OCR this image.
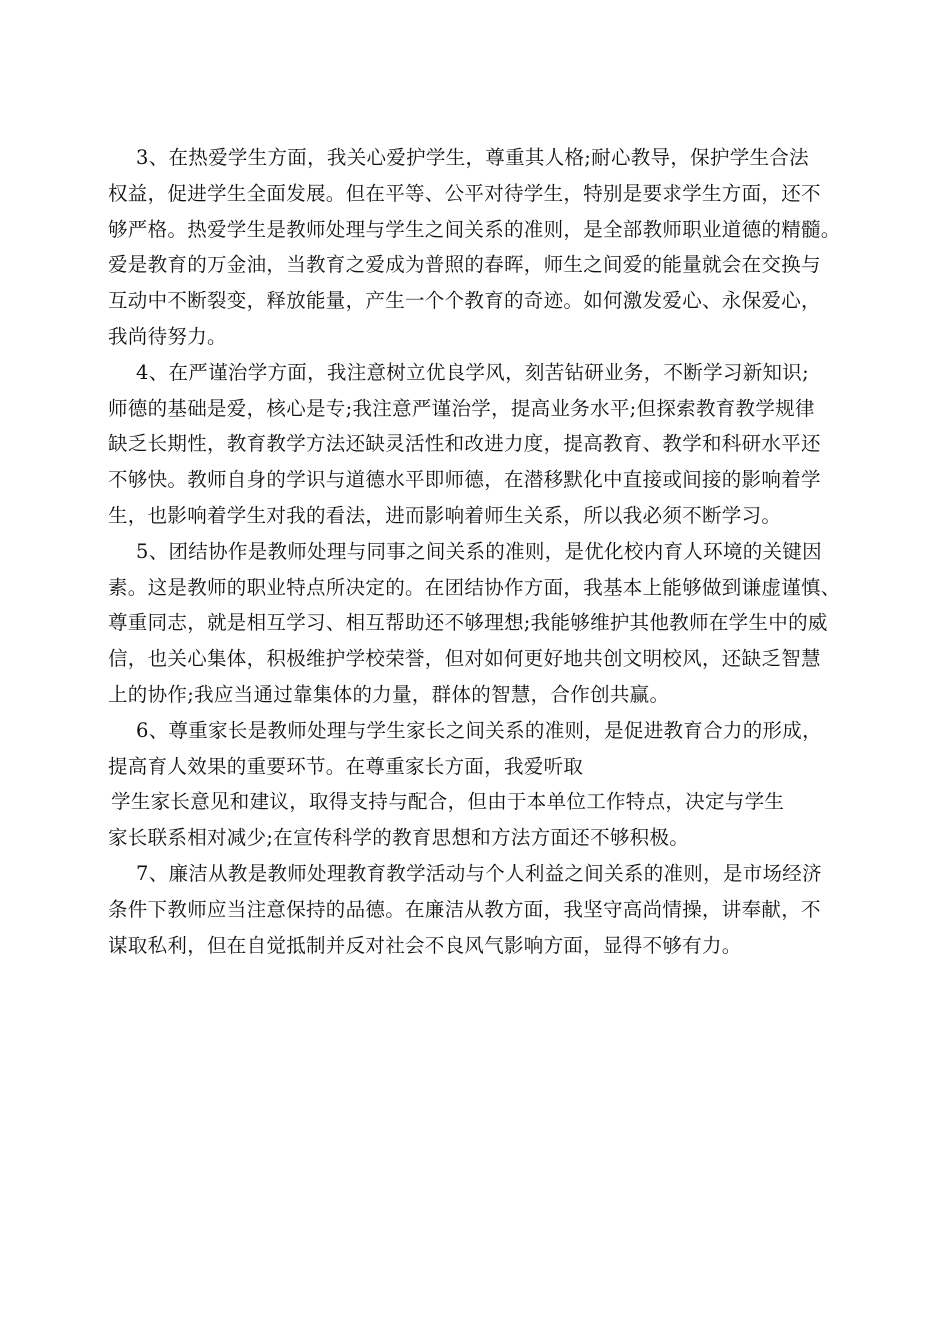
3、在热爱学生方面，我关心爱护学生，尊重其人格;耐心教导，保护学生合法
权益，促进学生全面发展。但在平等、公平对待学生，特别是要求学生方面，还不
够严格。热爱学生是教师处理与学生之间关系的准则，是全部教师职业道德的精髓。
爱是教育的万金油，当教育之爱成为普照的春晖，师生之间爱的能量就会在交换与
互动中不断裂变，释放能量，产生一个个教育的奇迹。如何激发爱心、永保爱心，
我尚待努力。
4、在严谨治学方面，我注意树立优良学风，刻苦钻研业务，不断学习新知识;
师德的基础是爱，核心是专;我注意严谨治学，提高业务水平;但探索教育教学规律
缺乏长期性，教育教学方法还缺灵活性和改进力度，提高教育、教学和科研水平还
不够快。教师自身的学识与道德水平即师德，在潜移默化中直接或间接的影响着学
生，也影响着学生对我的看法，进而影响着师生关系，所以我必须不断学习。
5、团结协作是教师处理与同事之间关系的准则，是优化校内育人环境的关键因
素。这是教师的职业特点所决定的。在团结协作方面，我基本上能够做到谦虚谨慎、
尊重同志，就是相互学习、相互帮助还不够理想;我能够维护其他教师在学生中的威
信，也关心集体，积极维护学校荣誉，但对如何更好地共创文明校风，还缺乏智慧
上的协作;我应当通过靠集体的力量，群体的智慧，合作创共赢。
6、尊重家长是教师处理与学生家长之间关系的准则，是促进教育合力的形成，
提高育人效果的重要环节。在尊重家长方面，我爱听取
学生家长意见和建议，取得支持与配合，但由于本单位工作特点，决定与学生
家长联系相对减少;在宣传科学的教育思想和方法方面还不够积极。
7、廉洁从教是教师处理教育教学活动与个人利益之间关系的准则，是市场经济
条件下教师应当注意保持的品德。在廉洁从教方面，我坚守高尚情操，讲奉献，不
谋取私利，但在自觉抵制并反对社会不良风气影响方面，显得不够有力。
